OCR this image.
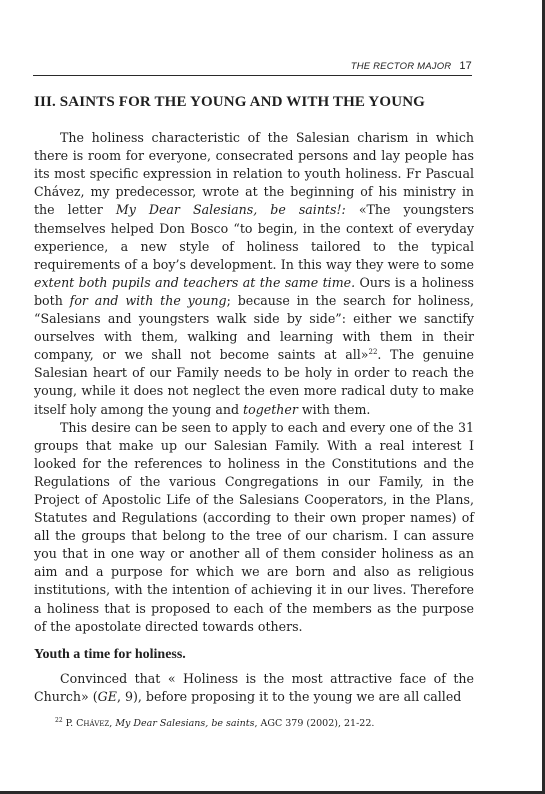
THE RECTOR MAJOR 17
III. SAINTS FOR THE YOUNG AND WITH THE YOUNG

The holiness characteristic of the Salesian charism in which there is room for everyone, consecrated persons and lay people has its most specific expression in relation to youth holiness. Fr Pascual Chávez, my predecessor, wrote at the beginning of his ministry in the letter My Dear Salesians, be saints!: «The youngsters themselves helped Don Bosco “to begin, in the context of everyday experience, a new style of holiness tailored to the typical requirements of a boy’s development. In this way they were to some extent both pupils and teachers at the same time. Ours is a holiness both for and with the young; because in the search for holiness, “Salesians and youngsters walk side by side”: either we sanctify ourselves with them, walking and learning with them in their company, or we shall not become saints at all»$^{22}$. The genuine Salesian heart of our Family needs to be holy in order to reach the young, while it does not neglect the even more radical duty to make itself holy among the young and together with them.

This desire can be seen to apply to each and every one of the 31 groups that make up our Salesian Family. With a real interest I looked for the references to holiness in the Constitutions and the Regulations of the various Congregations in our Family, in the Project of Apostolic Life of the Salesians Cooperators, in the Plans, Statutes and Regulations (according to their own proper names) of all the groups that belong to the tree of our charism. I can assure you that in one way or another all of them consider holiness as an aim and a purpose for which we are born and also as religious institutions, with the intention of achieving it in our lives. Therefore a holiness that is proposed to each of the members as the purpose of the apostolate directed towards others.

Youth a time for holiness.

Convinced that « Holiness is the most attractive face of the Church» (GE, 9), before proposing it to the young we are all called

$^{22}$ P. Chávez, My Dear Salesians, be saints, AGC 379 (2002), 21-22.
